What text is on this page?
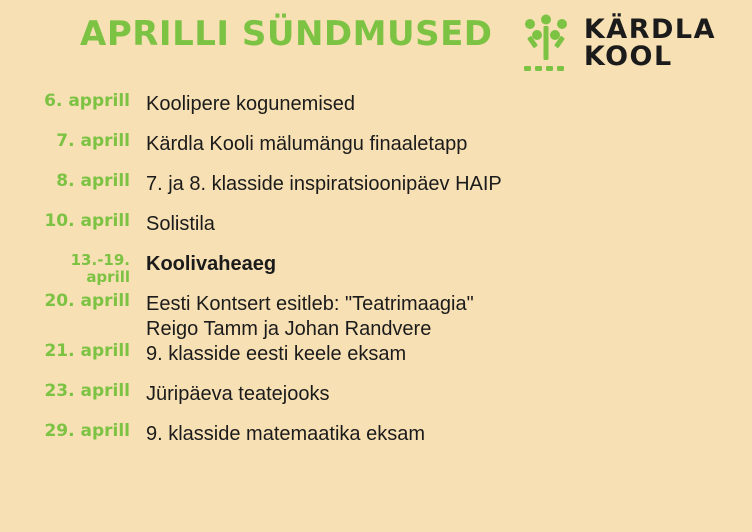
APRILLI SÜNDMUSED	KÄRDLA
KOOL
6. apprill Koolipere kogunemised
7. aprill Kärdla Kooli mälumängu finaaletapp
8. aprill 7. ja 8. klasside inspiratsioonipäev HAIP
10. aprill Solistila
13.-19. aprill
Koolivaheaeg
20. aprill Eesti Kontsert esitleb: "Teatrimaagia"
Reigo Tamm ja Johan Randvere
21. aprill 9. klasside eesti keele eksam
23. aprill Jüripäeva teatejooks
29. aprill 9. klasside matemaatika eksam
